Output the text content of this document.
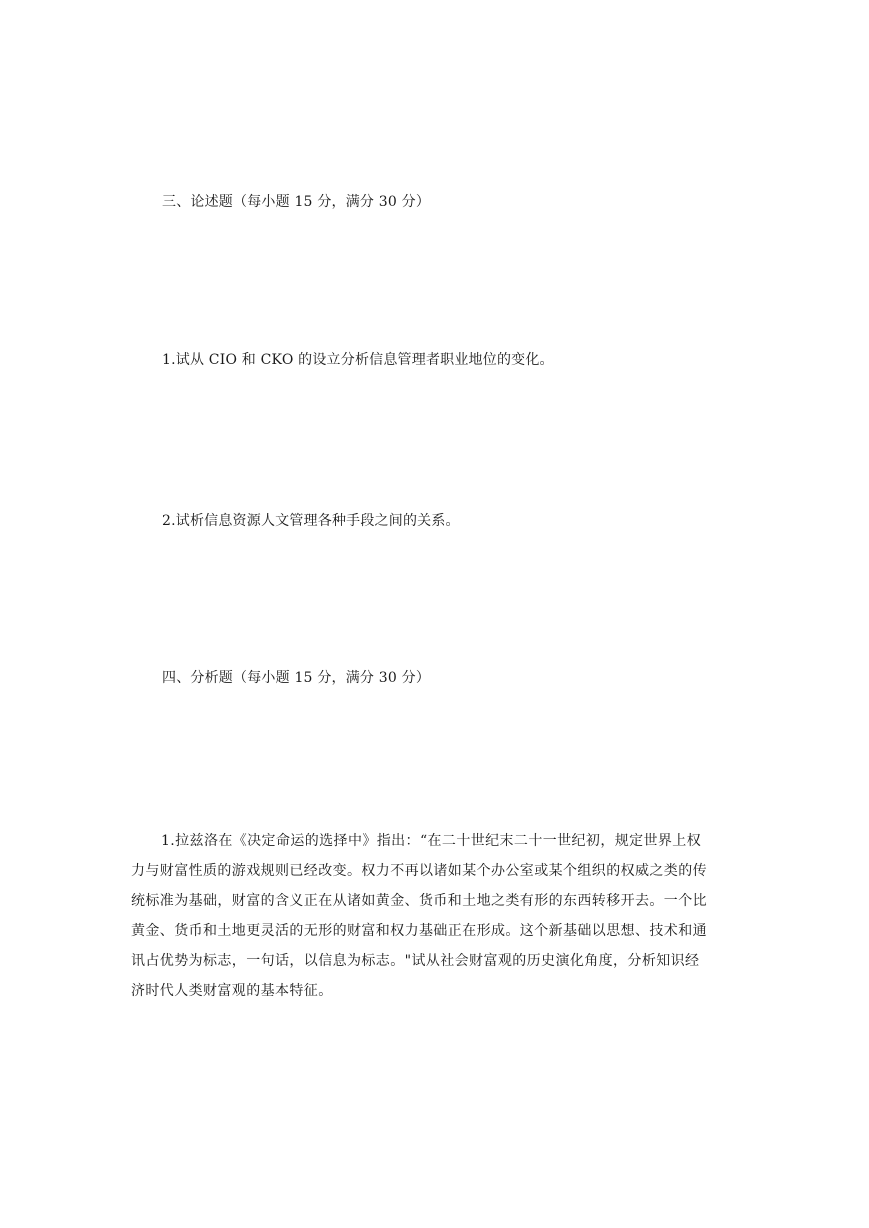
三、论述题（每小题 15 分，满分 30 分）
1.试从 CIO 和 CKO 的设立分析信息管理者职业地位的变化。
2.试析信息资源人文管理各种手段之间的关系。
四、分析题（每小题 15 分，满分 30 分）
1.拉兹洛在《决定命运的选择中》指出：“在二十世纪末二十一世纪初，规定世界上权
力与财富性质的游戏规则已经改变。权力不再以诸如某个办公室或某个组织的权威之类的传
统标准为基础，财富的含义正在从诸如黄金、货币和土地之类有形的东西转移开去。一个比
黄金、货币和土地更灵活的无形的财富和权力基础正在形成。这个新基础以思想、技术和通
讯占优势为标志，一句话，以信息为标志。"试从社会财富观的历史演化角度，分析知识经
济时代人类财富观的基本特征。
